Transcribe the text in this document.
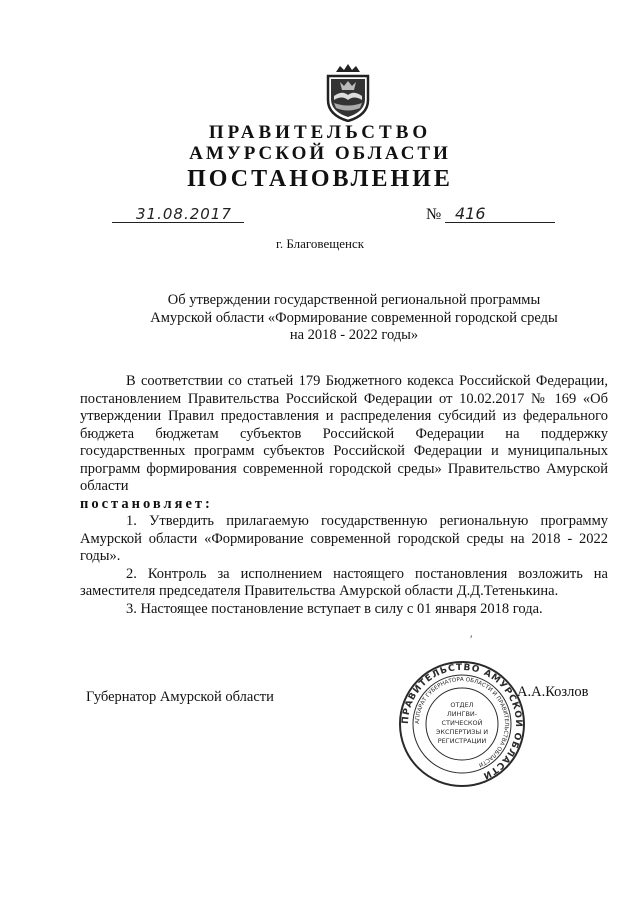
ПРАВИТЕЛЬСТВО
АМУРСКОЙ ОБЛАСТИ
ПОСТАНОВЛЕНИЕ
31.08.2017	№ 416
г. Благовещенск
Об утверждении государственной региональной программы
Амурской области «Формирование современной городской среды
на 2018 - 2022 годы»

В соответствии со статьей 179 Бюджетного кодекса Российской Федерации, постановлением Правительства Российской Федерации от 10.02.2017 № 169 «Об утверждении Правил предоставления и распределения субсидий из федерального бюджета бюджетам субъектов Российской Федерации на поддержку государственных программ субъектов Российской Федерации и муниципальных программ формирования современной городской среды» Правительство Амурской области

постановляет:

1. Утвердить прилагаемую государственную региональную программу Амурской области «Формирование современной городской среды на 2018 - 2022 годы».

2. Контроль за исполнением настоящего постановления возложить на заместителя председателя Правительства Амурской области Д.Д.Тетенькина.

3. Настоящее постановление вступает в силу с 01 января 2018 года.

′
Губернатор Амурской области	А.А.Козлов
ПРАВИТЕЛЬСТВО АМУРСКОЙ ОБЛАСТИ
АППАРАТ ГУБЕРНАТОРА ОБЛАСТИ И ПРАВИТЕЛЬСТВА ОБЛАСТИ
ОТДЕЛ
ЛИНГВИ-
СТИЧЕСКОЙ
ЭКСПЕРТИЗЫ И
РЕГИСТРАЦИИ
